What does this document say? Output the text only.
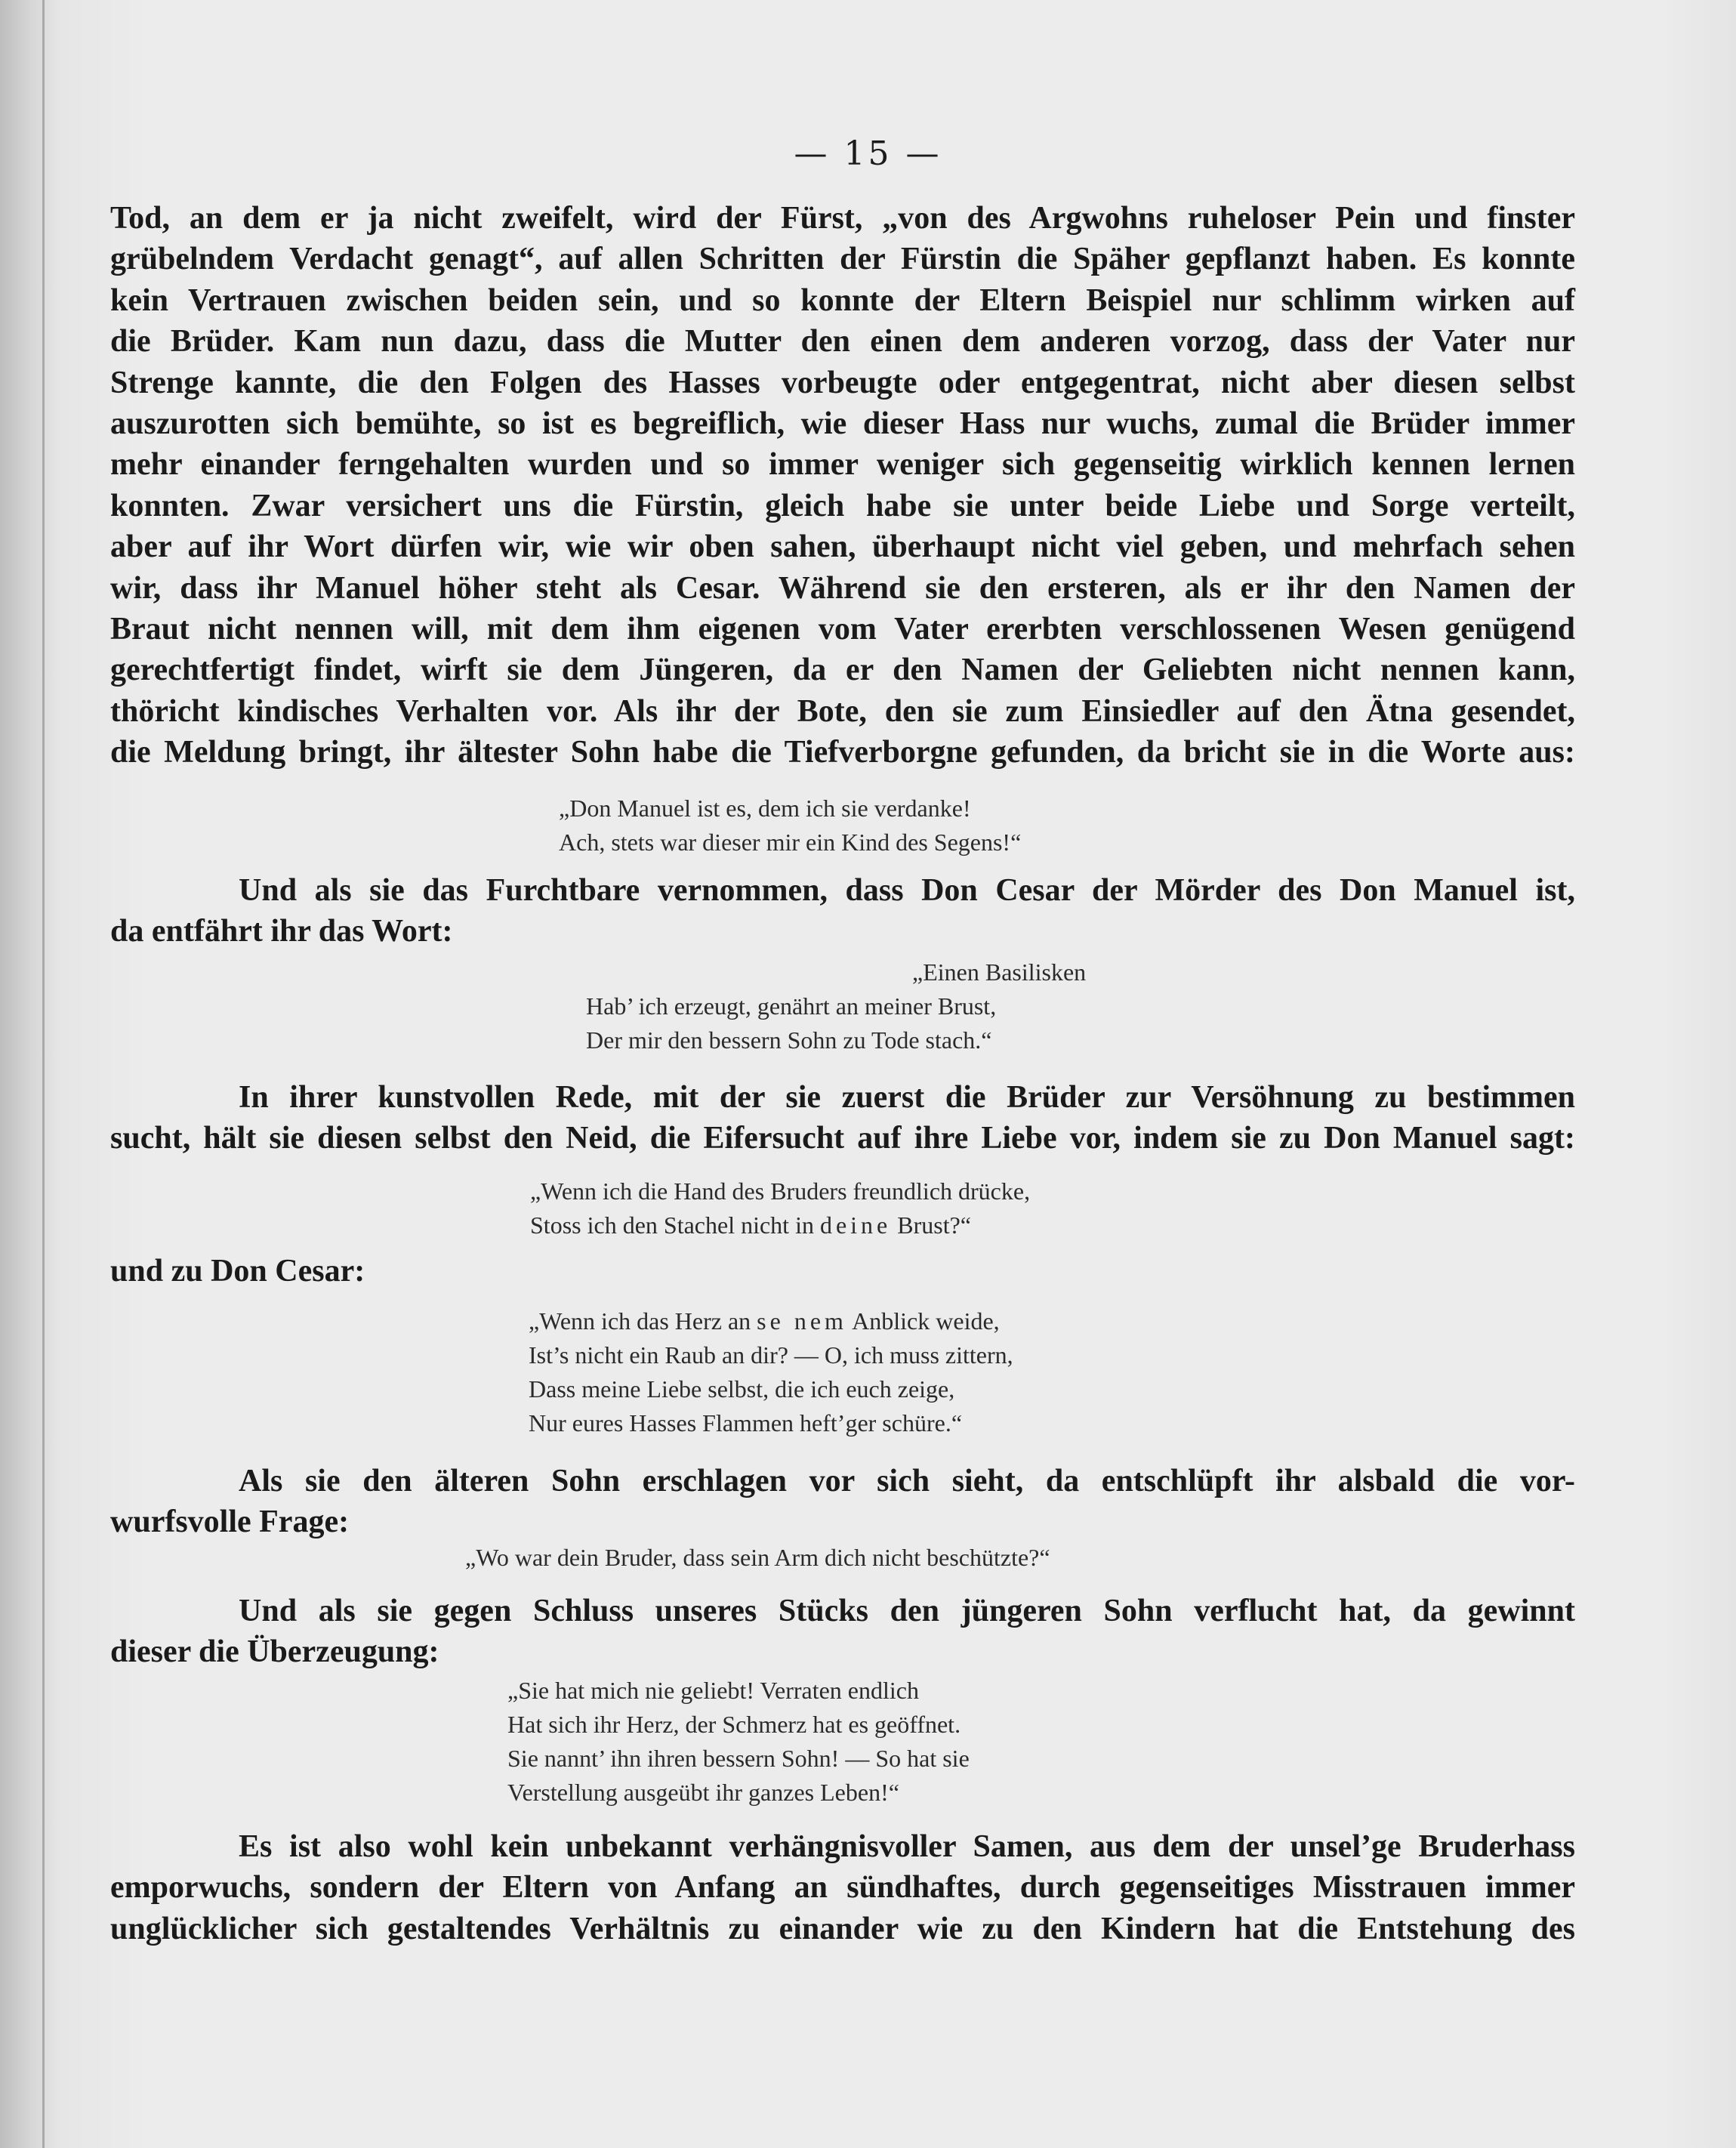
— 15 —
Tod, an dem er ja nicht zweifelt, wird der Fürst, „von des Argwohns ruheloser Pein und finster
grübelndem Verdacht genagt“, auf allen Schritten der Fürstin die Späher gepflanzt haben. Es konnte
kein Vertrauen zwischen beiden sein, und so konnte der Eltern Beispiel nur schlimm wirken auf
die Brüder. Kam nun dazu, dass die Mutter den einen dem anderen vorzog, dass der Vater nur
Strenge kannte, die den Folgen des Hasses vorbeugte oder entgegentrat, nicht aber diesen selbst
auszurotten sich bemühte, so ist es begreiflich, wie dieser Hass nur wuchs, zumal die Brüder immer
mehr einander ferngehalten wurden und so immer weniger sich gegenseitig wirklich kennen lernen
konnten. Zwar versichert uns die Fürstin, gleich habe sie unter beide Liebe und Sorge verteilt,
aber auf ihr Wort dürfen wir, wie wir oben sahen, überhaupt nicht viel geben, und mehrfach sehen
wir, dass ihr Manuel höher steht als Cesar. Während sie den ersteren, als er ihr den Namen der
Braut nicht nennen will, mit dem ihm eigenen vom Vater ererbten verschlossenen Wesen genügend
gerechtfertigt findet, wirft sie dem Jüngeren, da er den Namen der Geliebten nicht nennen kann,
thöricht kindisches Verhalten vor. Als ihr der Bote, den sie zum Einsiedler auf den Ätna gesendet,
die Meldung bringt, ihr ältester Sohn habe die Tiefverborgne gefunden, da bricht sie in die Worte aus:
„Don Manuel ist es, dem ich sie verdanke!
Ach, stets war dieser mir ein Kind des Segens!“
Und als sie das Furchtbare vernommen, dass Don Cesar der Mörder des Don Manuel ist,
da entfährt ihr das Wort:
„Einen Basilisken
Hab’ ich erzeugt, genährt an meiner Brust,
Der mir den bessern Sohn zu Tode stach.“
In ihrer kunstvollen Rede, mit der sie zuerst die Brüder zur Versöhnung zu bestimmen
sucht, hält sie diesen selbst den Neid, die Eifersucht auf ihre Liebe vor, indem sie zu Don Manuel sagt:
„Wenn ich die Hand des Bruders freundlich drücke,
Stoss ich den Stachel nicht in deine Brust?“
und zu Don Cesar:
„Wenn ich das Herz an se nem Anblick weide,
Ist’s nicht ein Raub an dir? — O, ich muss zittern,
Dass meine Liebe selbst, die ich euch zeige,
Nur eures Hasses Flammen heft’ger schüre.“
Als sie den älteren Sohn erschlagen vor sich sieht, da entschlüpft ihr alsbald die vor-
wurfsvolle Frage:
„Wo war dein Bruder, dass sein Arm dich nicht beschützte?“
Und als sie gegen Schluss unseres Stücks den jüngeren Sohn verflucht hat, da gewinnt
dieser die Überzeugung:
„Sie hat mich nie geliebt! Verraten endlich
Hat sich ihr Herz, der Schmerz hat es geöffnet.
Sie nannt’ ihn ihren bessern Sohn! — So hat sie
Verstellung ausgeübt ihr ganzes Leben!“
Es ist also wohl kein unbekannt verhängnisvoller Samen, aus dem der unsel’ge Bruderhass
emporwuchs, sondern der Eltern von Anfang an sündhaftes, durch gegenseitiges Misstrauen immer
unglücklicher sich gestaltendes Verhältnis zu einander wie zu den Kindern hat die Entstehung des
